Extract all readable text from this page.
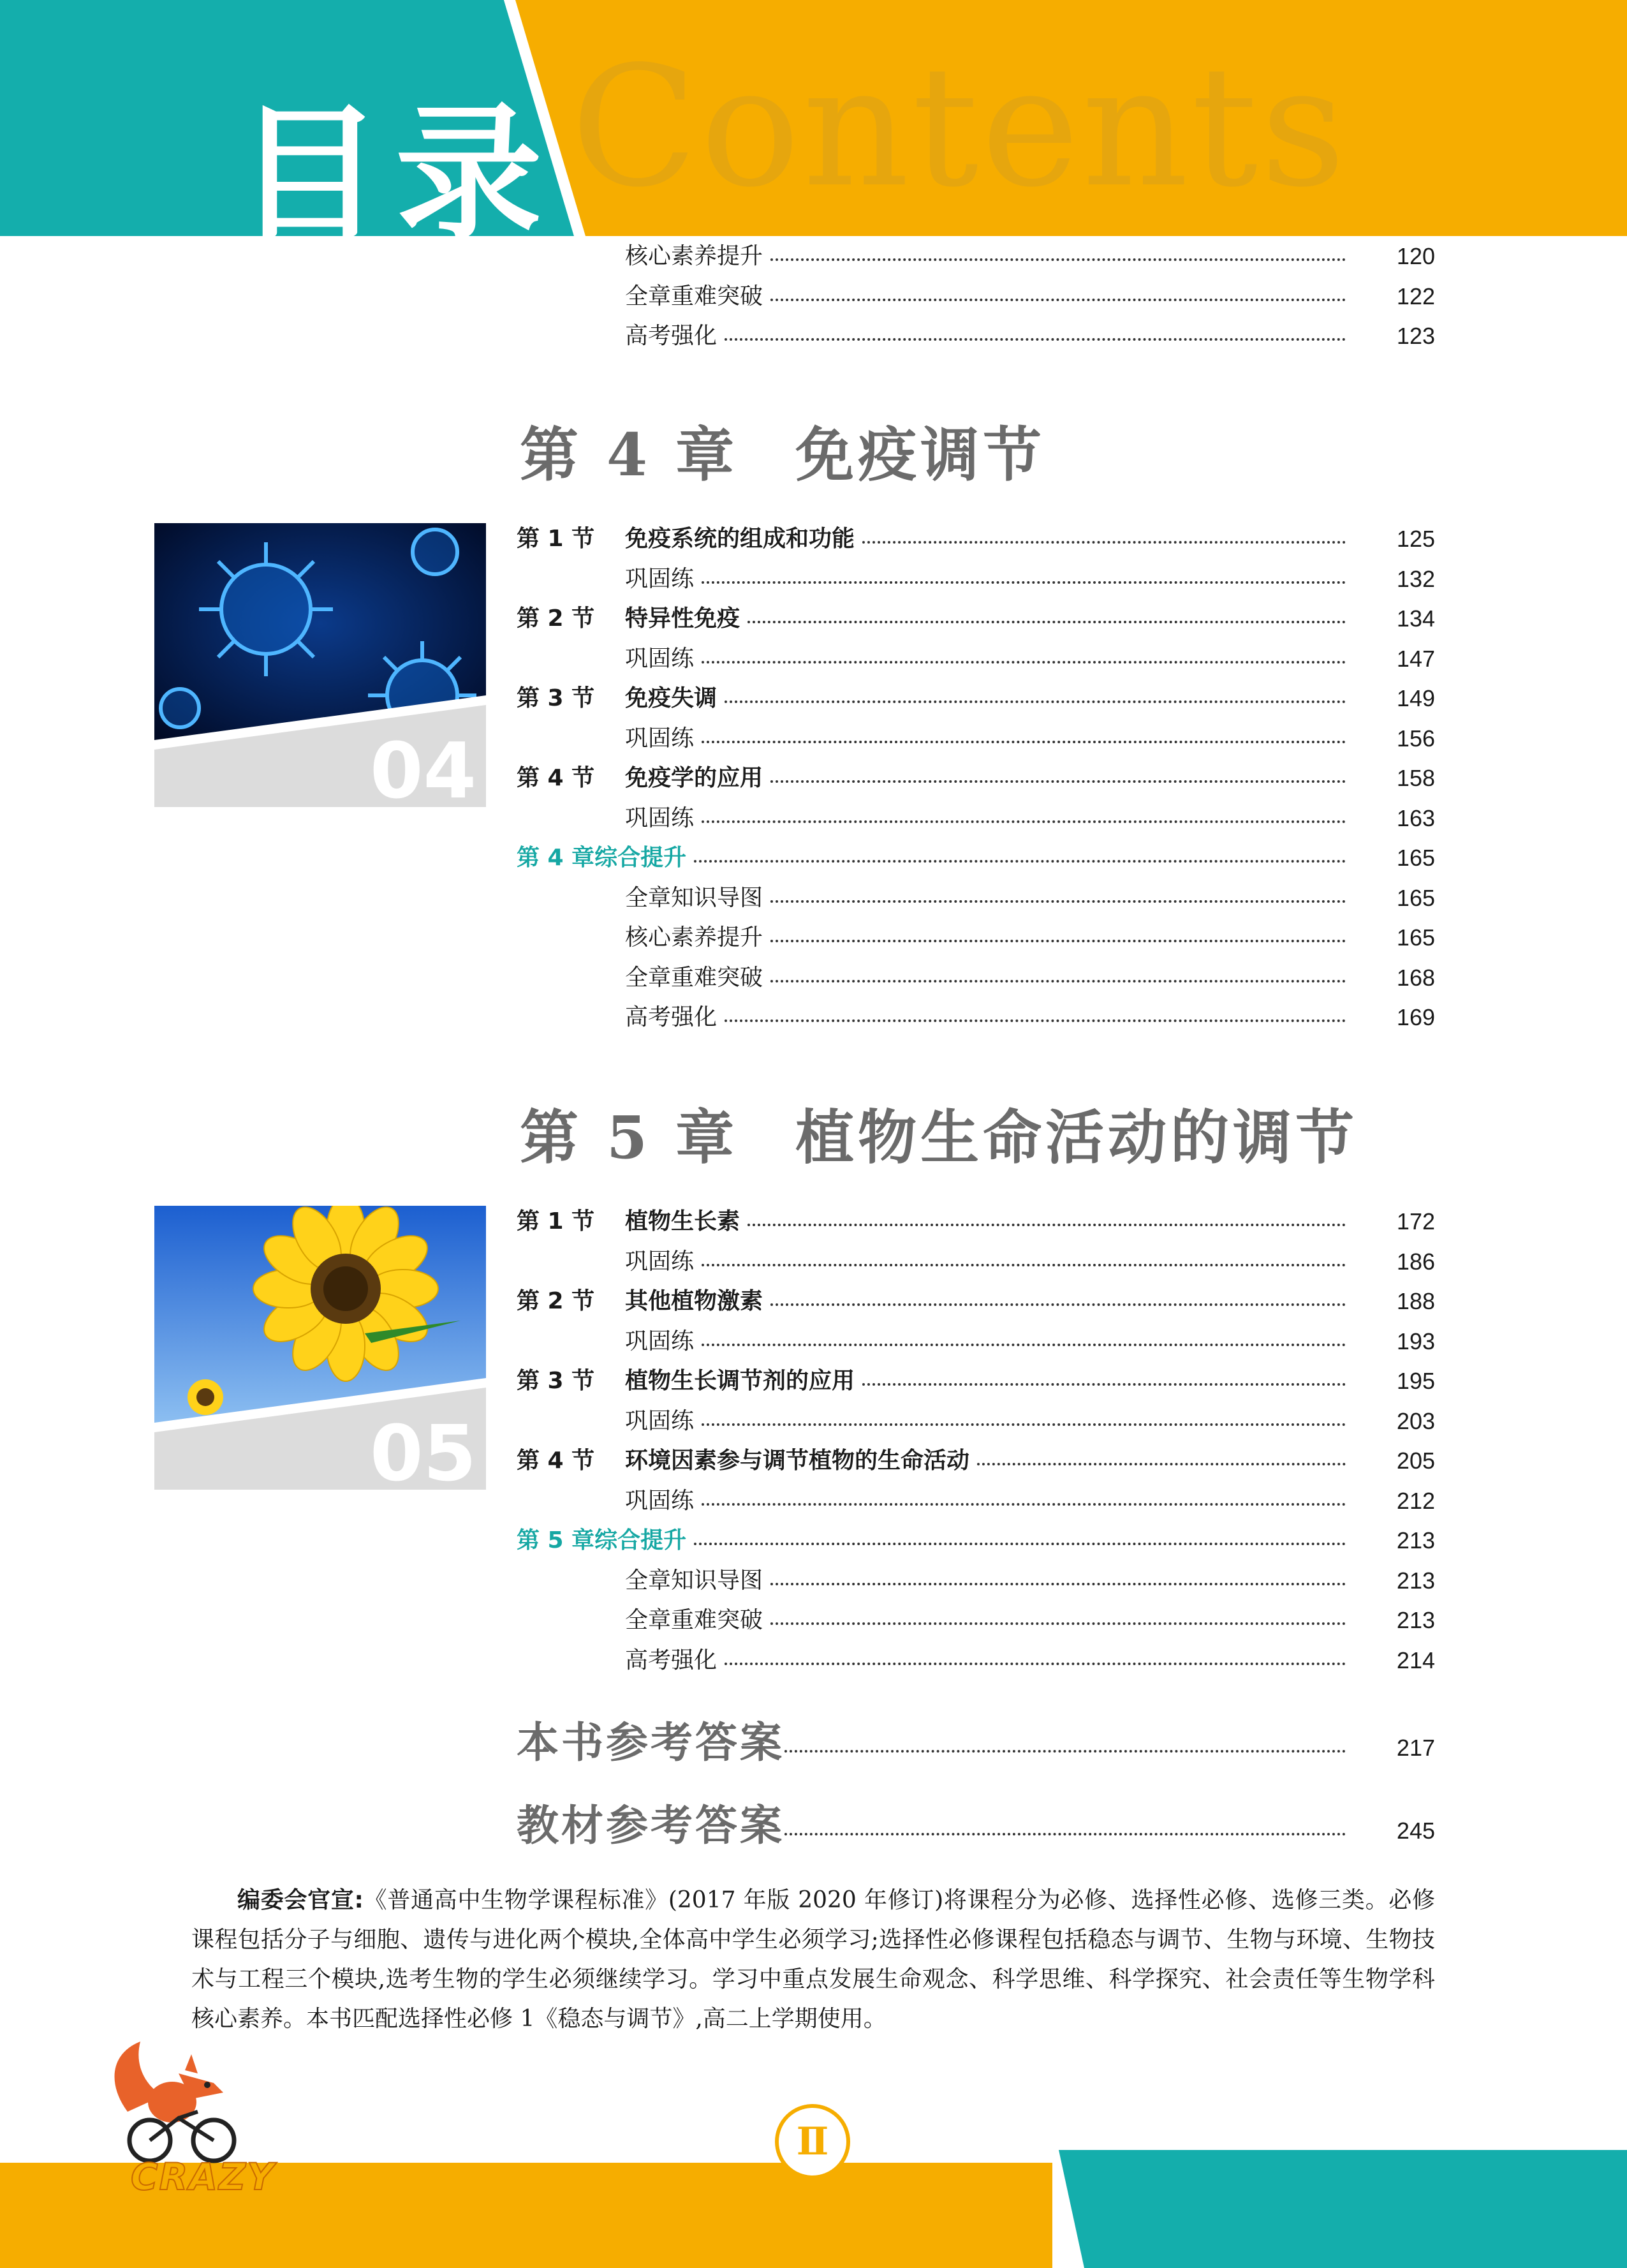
Contents
目录	核心素养提升	120
全章重难突破	122
高考强化	123
第 4 章 免疫调节
04
第 1 节	免疫系统的组成和功能	125
巩固练	132
第 2 节	特异性免疫	134
巩固练	147
第 3 节	免疫失调	149
巩固练	156
第 4 节	免疫学的应用	158
巩固练	163
第 4 章综合提升	165
全章知识导图	165
核心素养提升	165
全章重难突破	168
高考强化	169
第 5 章 植物生命活动的调节
05
第 1 节	植物生长素	172
巩固练	186
第 2 节	其他植物激素	188
巩固练	193
第 3 节	植物生长调节剂的应用	195
巩固练	203
第 4 节	环境因素参与调节植物的生命活动	205
巩固练	212
第 5 章综合提升	213
全章知识导图	213
全章重难突破	213
高考强化	214
本书参考答案	217
教材参考答案	245
编委会官宣:《普通高中生物学课程标准》(2017 年版 2020 年修订)将课程分为必修、选择性必修、选修三类。必修课程包括分子与细胞、遗传与进化两个模块,全体高中学生必须学习;选择性必修课程包括稳态与调节、生物与环境、生物技术与工程三个模块,选考生物的学生必须继续学习。学习中重点发展生命观念、科学思维、科学探究、社会责任等生物学科核心素养。本书匹配选择性必修 1《稳态与调节》,高二上学期使用。
CRAZY
Ⅱ
